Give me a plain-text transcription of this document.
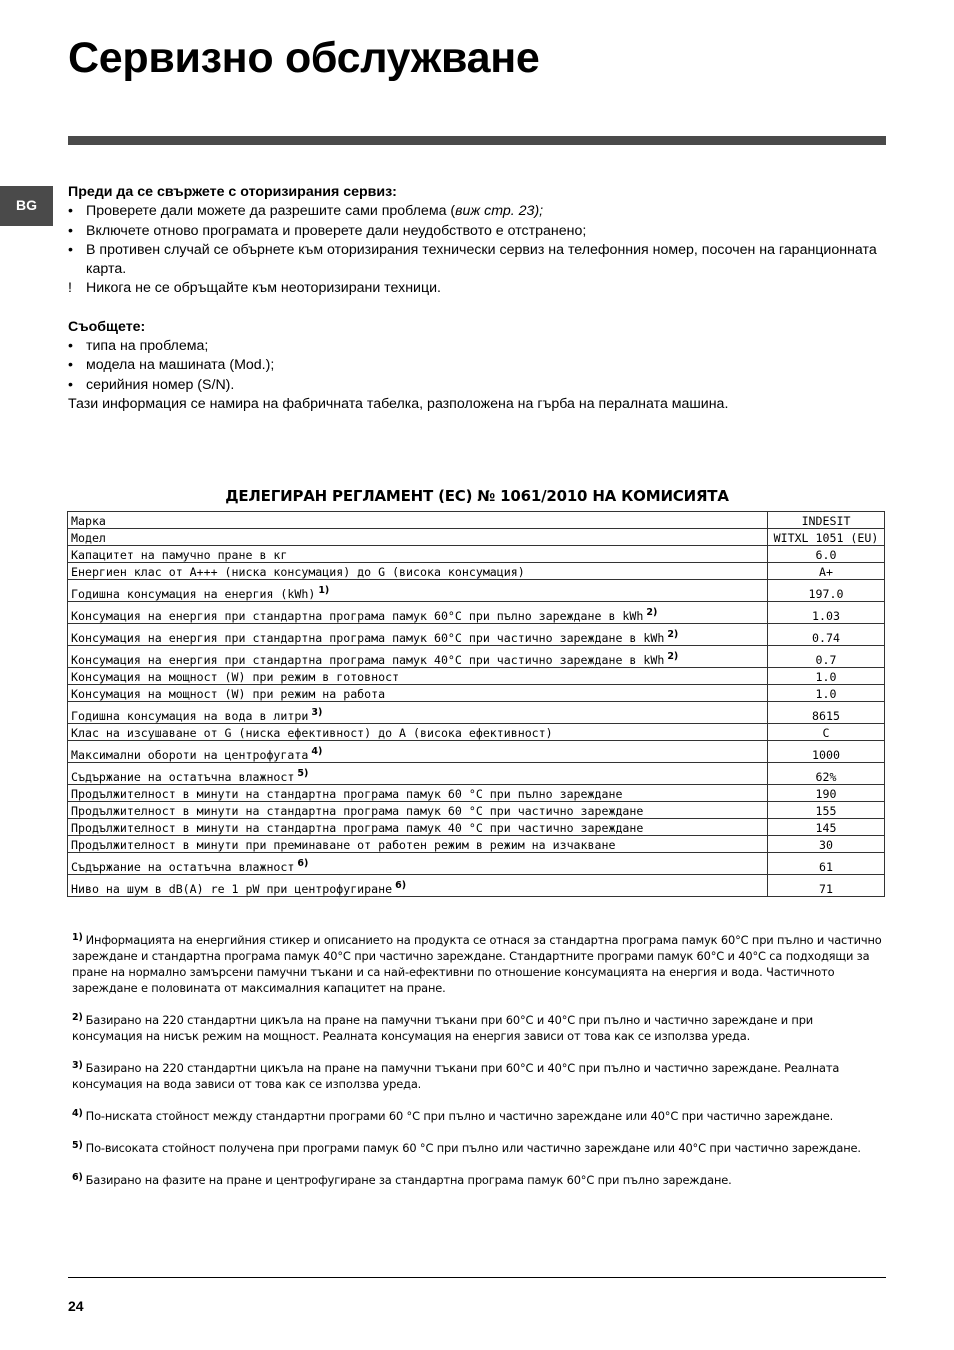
Сервизно обслужване
BG

Преди да се свържете с оторизирания сервиз:

• Проверете дали можете да разрешите сами проблема (виж стр. 23);

• Включете отново програмата и проверете дали неудобството е отстранено;

• В противен случай се обърнете към оторизирания технически сервиз на телефонния номер, посочен на гаранционната карта.

! Никога не се обръщайте към неоторизирани техници.

Съобщете:

• типа на проблема;

• модела на машината (Mod.);

• серийния номер (S/N).

Тази информация се намира на фабричната табелка, разположена на гърба на пералната машина.

ДЕЛЕГИРАН РЕГЛАМЕНТ (ЕС) № 1061/2010 НА КОМИСИЯТА
Марка	INDESIT
Модел	WITXL 1051 (EU)
Капацитет на памучно пране в кг	6.0
Енергиен клас от А+++ (ниска консумация) до G (висока консумация)	A+
Годишна консумация на енергия (kWh) $^{1)}$	197.0
Консумация на енергия при стандартна програма памук 60°С при пълно зареждане в kWh $^{2)}$	1.03
Консумация на енергия при стандартна програма памук 60°С при частично зареждане в kWh $^{2)}$	0.74
Консумация на енергия при стандартна програма памук 40°С при частично зареждане в kWh $^{2)}$	0.7
Консумация на мощност (W) при режим в готовност	1.0
Консумация на мощност (W) при режим на работа	1.0
Годишна консумация на вода в литри $^{3)}$	8615
Клас на изсушаване от G (ниска ефективност) до A (висока ефективност)	C
Максимални обороти на центрофугата $^{4)}$	1000
Съдържание на остатъчна влажност $^{5)}$	62%
Продължителност в минути на стандартна програма памук 60 °С при пълно зареждане	190
Продължителност в минути на стандартна програма памук 60 °С при частично зареждане	155
Продължителност в минути на стандартна програма памук 40 °С при частично зареждане	145
Продължителност в минути при преминаване от работен режим в режим на изчакване	30
Съдържание на остатъчна влажност $^{6)}$	61
Ниво на шум в dB(A) re 1 pW при центрофугиране $^{6)}$	71

$^{1)}$ Информацията на енергийния стикер и описанието на продукта се отнася за стандартна програма памук 60°С при пълно и частично зареждане и стандартна програма памук 40°С при частично зареждане. Стандартните програми памук 60°С и 40°С са подходящи за пране на нормално замърсени памучни тъкани и са най-ефективни по отношение консумацията на енергия и вода. Частичното зареждане е половината от максималния капацитет на пране.

$^{2)}$ Базирано на 220 стандартни цикъла на пране на памучни тъкани при 60°С и 40°С при пълно и частично зареждане и при консумация на нисък режим на мощност. Реалната консумация на енергия зависи от това как се използва уреда.

$^{3)}$ Базирано на 220 стандартни цикъла на пране на памучни тъкани при 60°С и 40°С при пълно и частично зареждане. Реалната консумация на вода зависи от това как се използва уреда.

$^{4)}$ По-ниската стойност между стандартни програми 60 °С при пълно и частично зареждане или 40°С при частично зареждане.

$^{5)}$ По-високата стойност получена при програми памук 60 °С при пълно или частично зареждане или 40°С при частично зареждане.

$^{6)}$ Базирано на фазите на пране и центрофугиране за стандартна програма памук 60°С при пълно зареждане.

24
